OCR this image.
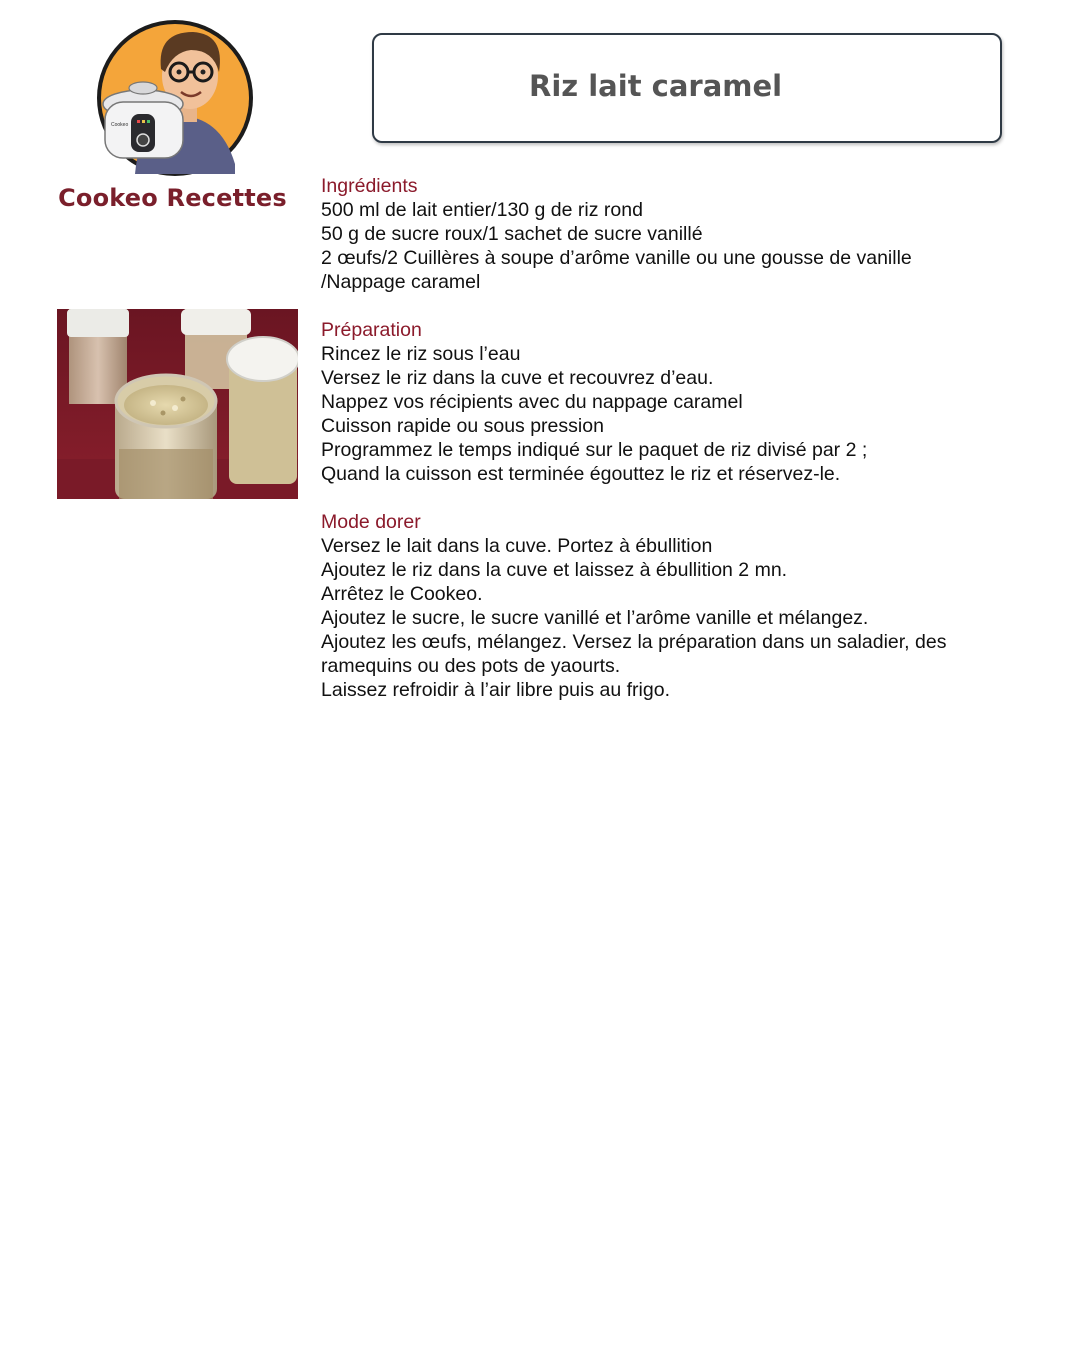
Cookeo
Cookeo Recettes
Riz lait caramel
Ingrédients
500 ml de lait entier/130 g de riz rond
50 g de sucre roux/1 sachet de sucre vanillé
2 œufs/2 Cuillères à soupe d’arôme vanille ou une gousse de vanille
/Nappage caramel
Préparation
Rincez le riz sous l’eau
Versez le riz dans la cuve et recouvrez d’eau.
Nappez vos récipients avec du nappage caramel
Cuisson rapide ou sous pression
Programmez le temps indiqué sur le paquet de riz divisé par 2 ;
Quand la cuisson est terminée égouttez le riz et réservez-le.
Mode dorer
Versez le lait dans la cuve. Portez à ébullition
Ajoutez le riz dans la cuve et laissez à ébullition 2 mn.
Arrêtez le Cookeo.
Ajoutez le sucre, le sucre vanillé et l’arôme vanille et mélangez.
Ajoutez les œufs, mélangez. Versez la préparation dans un saladier, des
ramequins ou des pots de yaourts.
Laissez refroidir à l’air libre puis au frigo.
